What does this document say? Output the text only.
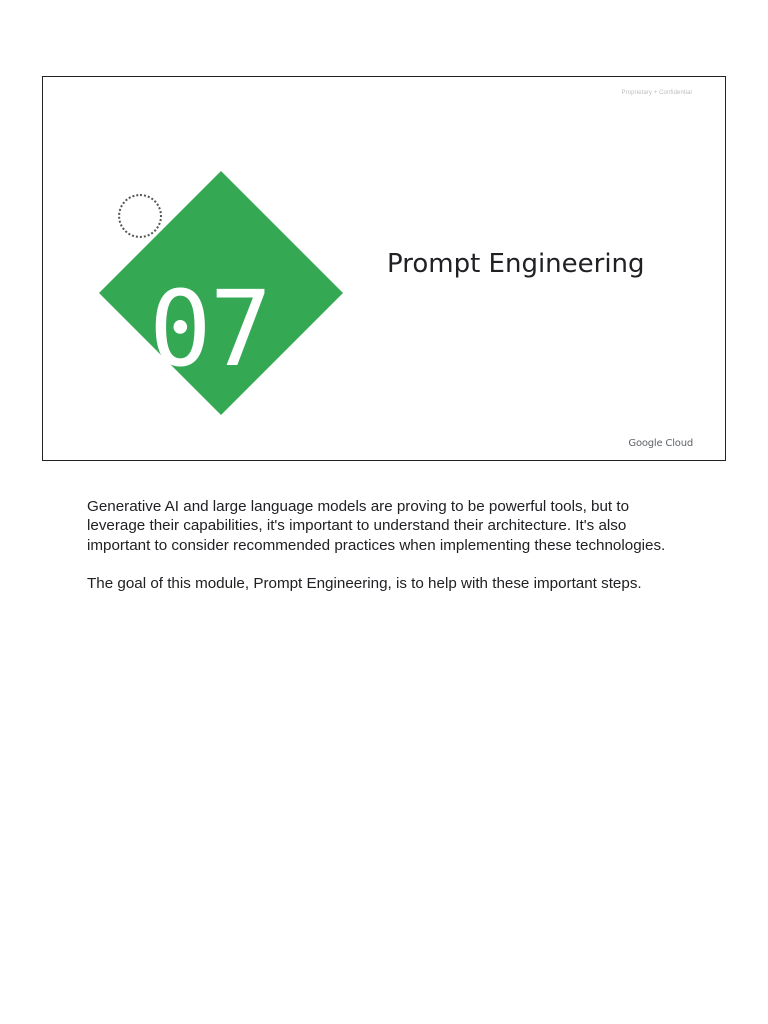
Proprietary + Confidential
07
Prompt Engineering
Google Cloud

Generative AI and large language models are proving to be powerful tools, but to leverage their capabilities, it's important to understand their architecture. It's also important to consider recommended practices when implementing these technologies.

The goal of this module, Prompt Engineering, is to help with these important steps.
